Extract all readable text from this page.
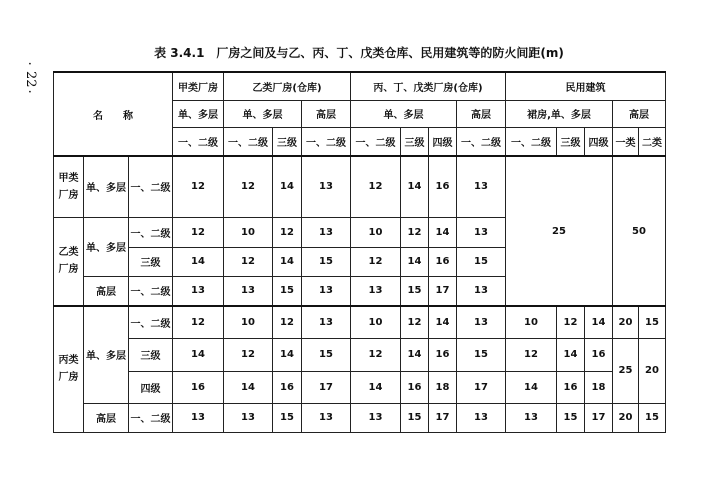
·
22
·
表 3.4.1　厂房之间及与乙、丙、丁、戊类仓库、民用建筑等的防火间距(m)
名　　称			甲类厂房	乙类厂房(仓库)			丙、丁、戊类厂房(仓库)				民用建筑				
			单、多层	单、多层		高层	单、多层			高层	裙房,单、多层			高层	
			一、二级	一、二级	三级	一、二级	一、二级	三级	四级	一、二级	一、二级	三级	四级	一类	二类
甲类厂房	单、多层	一、二级	12	12	14	13	12	14	16	13	25			50	
乙类厂房	单、多层	一、二级	12	10	12	13	10	12	14	13					
		三级	14	12	14	15	12	14	16	15					
	高层	一、二级	13	13	15	13	13	15	17	13					
丙类厂房	单、多层	一、二级	12	10	12	13	10	12	14	13	10	12	14	20	15
		三级	14	12	14	15	12	14	16	15	12	14	16	25	20
		四级	16	14	16	17	14	16	18	17	14	16	18		
	高层	一、二级	13	13	15	13	13	15	17	13	13	15	17	20	15
